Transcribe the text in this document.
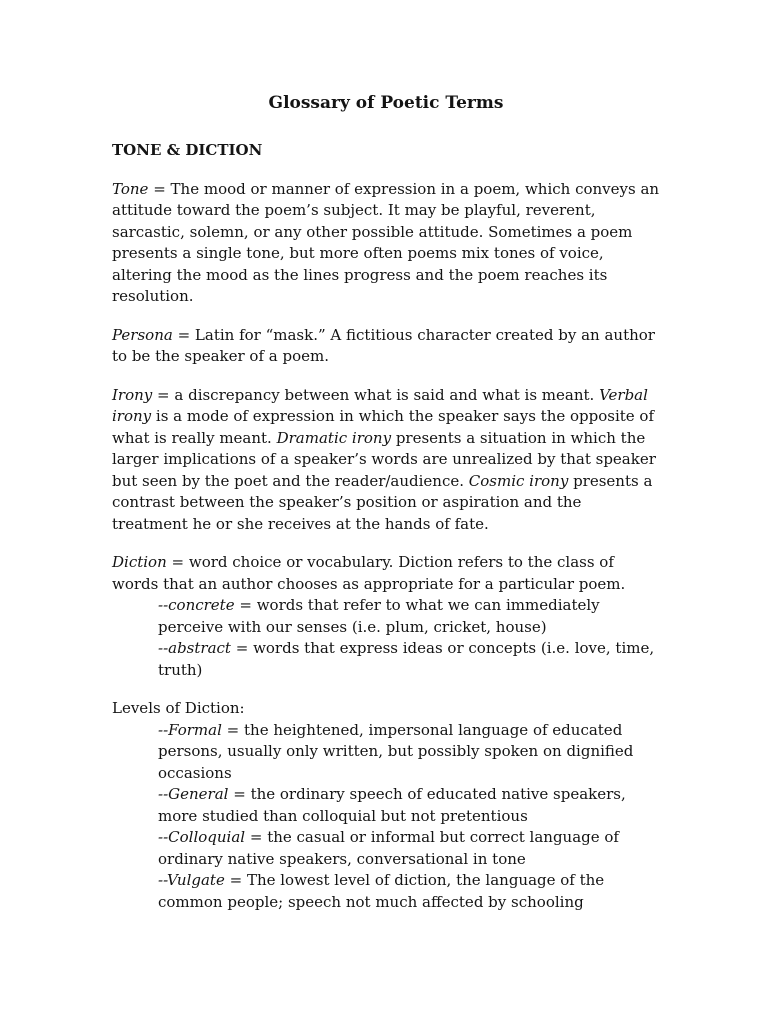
Glossary of Poetic Terms
TONE & DICTION
Tone = The mood or manner of expression in a poem, which conveys an attitude toward the poem’s subject. It may be playful, reverent, sarcastic, solemn, or any other possible attitude. Sometimes a poem presents a single tone, but more often poems mix tones of voice, altering the mood as the lines progress and the poem reaches its resolution.
Persona = Latin for “mask.” A fictitious character created by an author to be the speaker of a poem.
Irony = a discrepancy between what is said and what is meant. Verbal irony is a mode of expression in which the speaker says the opposite of what is really meant. Dramatic irony presents a situation in which the larger implications of a speaker’s words are unrealized by that speaker but seen by the poet and the reader/audience. Cosmic irony presents a contrast between the speaker’s position or aspiration and the treatment he or she receives at the hands of fate.
Diction = word choice or vocabulary. Diction refers to the class of words that an author chooses as appropriate for a particular poem.
--concrete = words that refer to what we can immediately perceive with our senses (i.e. plum, cricket, house)
--abstract = words that express ideas or concepts (i.e. love, time, truth)
Levels of Diction:
--Formal = the heightened, impersonal language of educated persons, usually only written, but possibly spoken on dignified occasions
--General = the ordinary speech of educated native speakers, more studied than colloquial but not pretentious
--Colloquial = the casual or informal but correct language of ordinary native speakers, conversational in tone
--Vulgate = The lowest level of diction, the language of the common people; speech not much affected by schooling
